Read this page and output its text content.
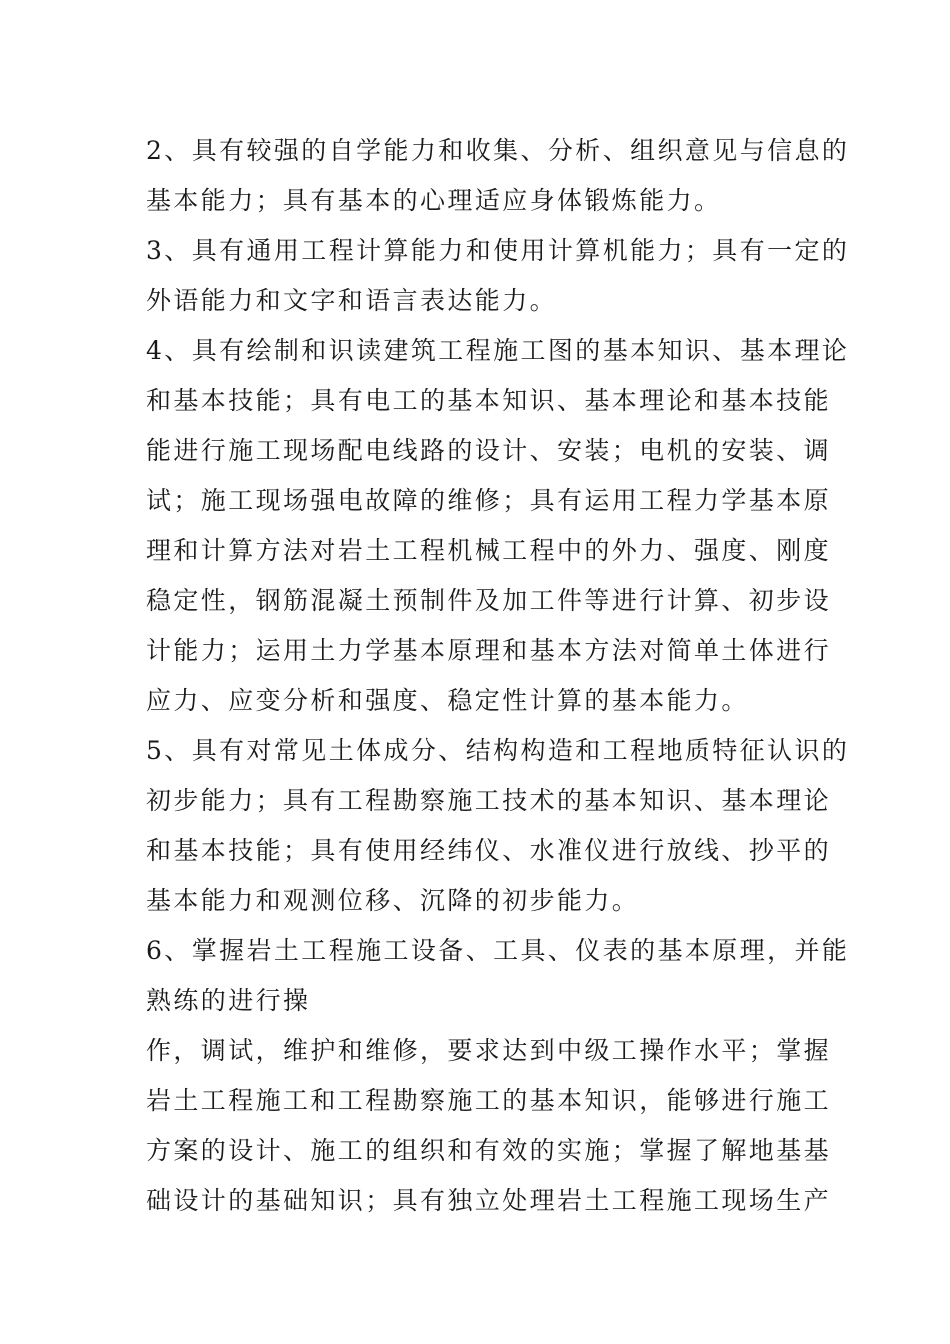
2、具有较强的自学能力和收集、分析、组织意见与信息的
基本能力；具有基本的心理适应身体锻炼能力。
3、具有通用工程计算能力和使用计算机能力；具有一定的
外语能力和文字和语言表达能力。
4、具有绘制和识读建筑工程施工图的基本知识、基本理论
和基本技能；具有电工的基本知识、基本理论和基本技能
能进行施工现场配电线路的设计、安装；电机的安装、调
试；施工现场强电故障的维修；具有运用工程力学基本原
理和计算方法对岩土工程机械工程中的外力、强度、刚度
稳定性，钢筋混凝土预制件及加工件等进行计算、初步设
计能力；运用土力学基本原理和基本方法对简单土体进行
应力、应变分析和强度、稳定性计算的基本能力。
5、具有对常见土体成分、结构构造和工程地质特征认识的
初步能力；具有工程勘察施工技术的基本知识、基本理论
和基本技能；具有使用经纬仪、水准仪进行放线、抄平的
基本能力和观测位移、沉降的初步能力。
6、掌握岩土工程施工设备、工具、仪表的基本原理，并能
熟练的进行操
作，调试，维护和维修，要求达到中级工操作水平；掌握
岩土工程施工和工程勘察施工的基本知识，能够进行施工
方案的设计、施工的组织和有效的实施；掌握了解地基基
础设计的基础知识；具有独立处理岩土工程施工现场生产
